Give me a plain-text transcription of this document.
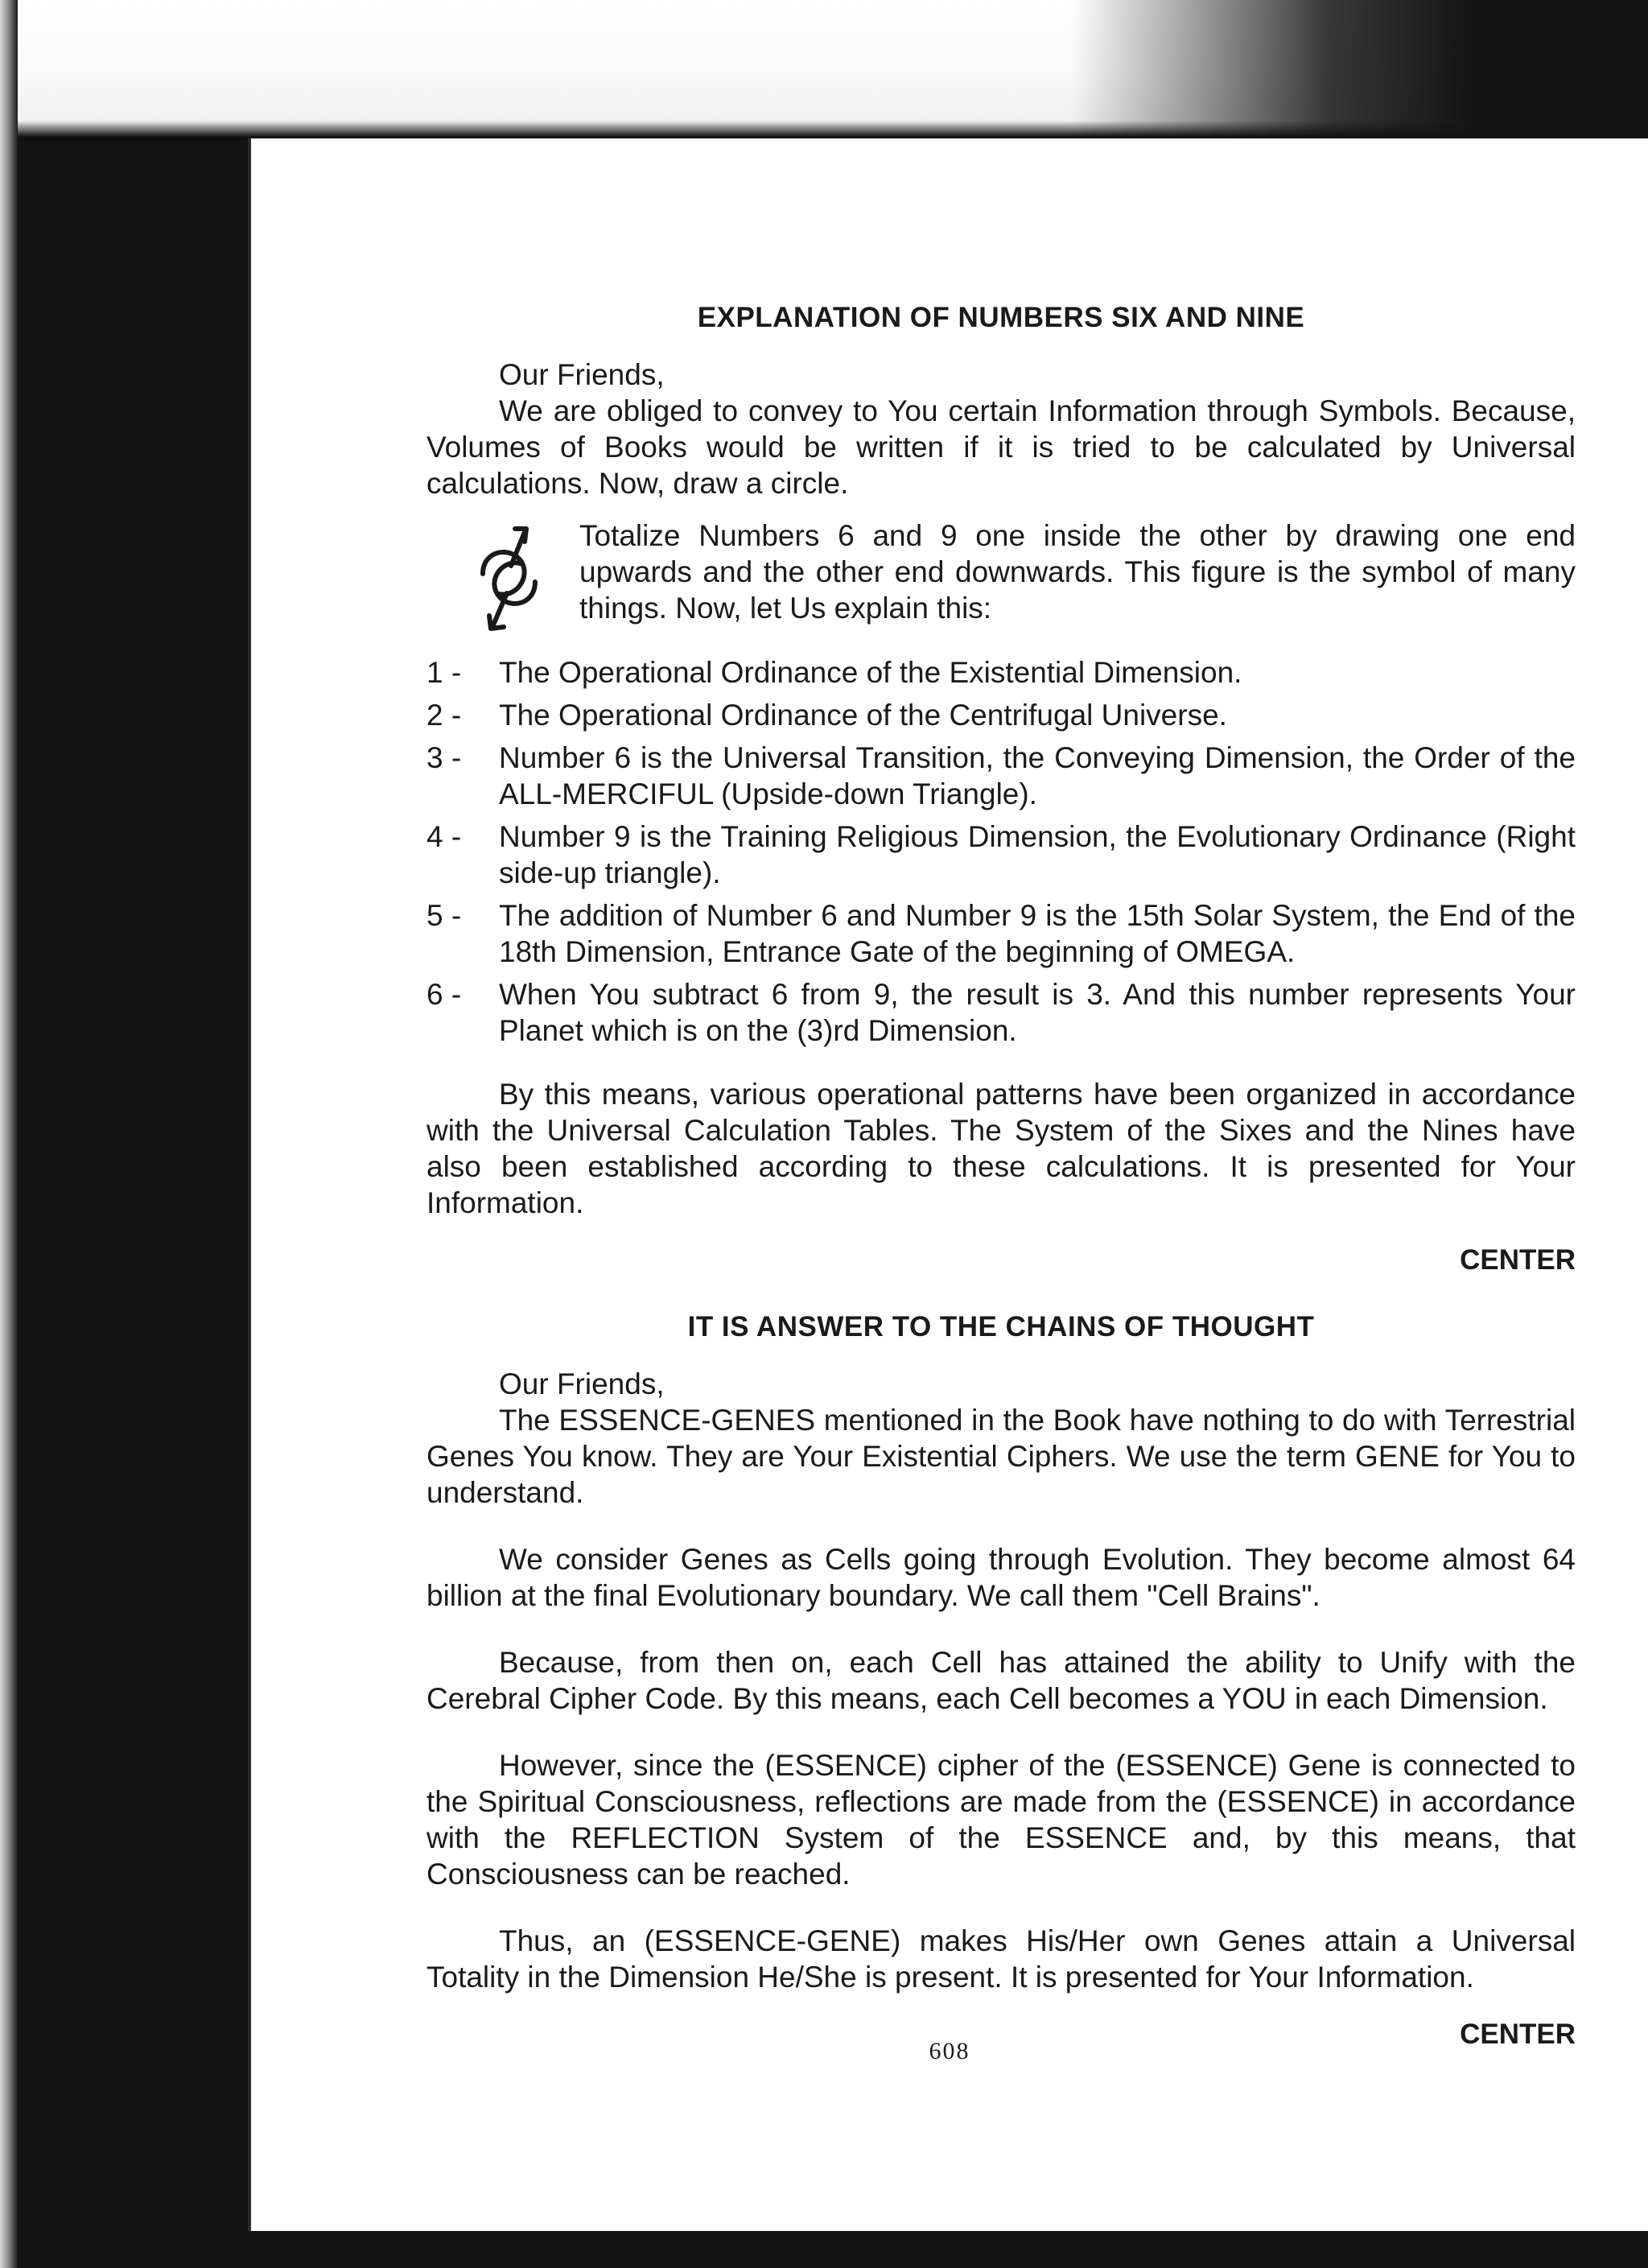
EXPLANATION OF NUMBERS SIX AND NINE

Our Friends,

We are obliged to convey to You certain Information through Symbols. Because, Volumes of Books would be written if it is tried to be calculated by Universal calculations. Now, draw a circle.

Totalize Numbers 6 and 9 one inside the other by drawing one end upwards and the other end downwards. This figure is the symbol of many things. Now, let Us explain this:

1 -	The Operational Ordinance of the Existential Dimension.
2 -	The Operational Ordinance of the Centrifugal Universe.
3 -	Number 6 is the Universal Transition, the Conveying Dimension, the Order of the ALL-MERCIFUL (Upside-down Triangle).
4 -	Number 9 is the Training Religious Dimension, the Evolutionary Ordinance (Right side-up triangle).
5 -	The addition of Number 6 and Number 9 is the 15th Solar System, the End of the 18th Dimension, Entrance Gate of the beginning of OMEGA.
6 -	When You subtract 6 from 9, the result is 3. And this number represents Your Planet which is on the (3)rd Dimension.

By this means, various operational patterns have been organized in accordance with the Universal Calculation Tables. The System of the Sixes and the Nines have also been established according to these calculations. It is presented for Your Information.

CENTER

IT IS ANSWER TO THE CHAINS OF THOUGHT

Our Friends,

The ESSENCE-GENES mentioned in the Book have nothing to do with Terrestrial Genes You know. They are Your Existential Ciphers. We use the term GENE for You to understand.

We consider Genes as Cells going through Evolution. They become almost 64 billion at the final Evolutionary boundary. We call them "Cell Brains".

Because, from then on, each Cell has attained the ability to Unify with the Cerebral Cipher Code. By this means, each Cell becomes a YOU in each Dimension.

However, since the (ESSENCE) cipher of the (ESSENCE) Gene is connected to the Spiritual Consciousness, reflections are made from the (ESSENCE) in accordance with the REFLECTION System of the ESSENCE and, by this means, that Consciousness can be reached.

Thus, an (ESSENCE-GENE) makes His/Her own Genes attain a Universal Totality in the Dimension He/She is present. It is presented for Your Information.

CENTER

608
